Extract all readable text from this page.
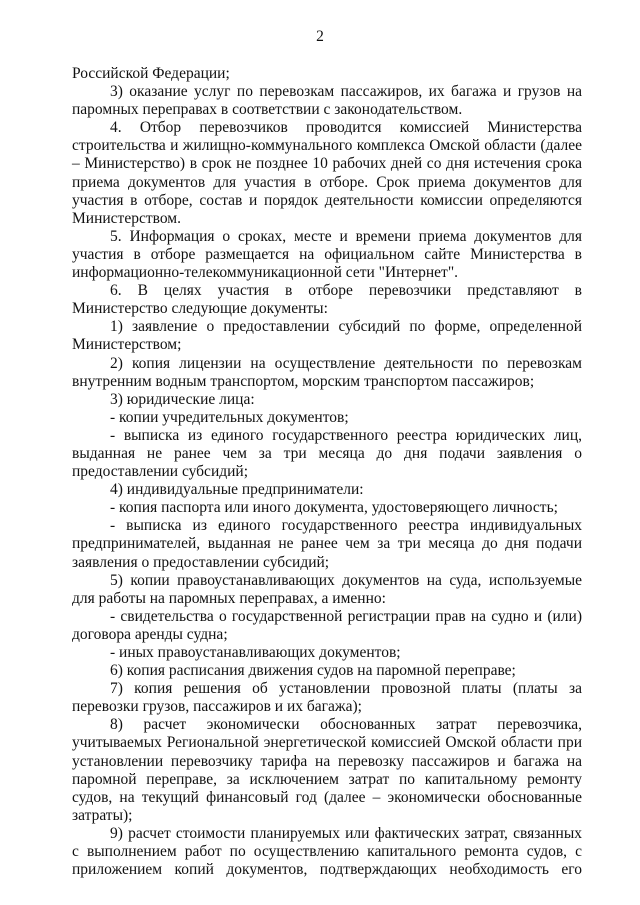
2

Российской Федерации;

3) оказание услуг по перевозкам пассажиров, их багажа и грузов на паромных переправах в соответствии с законодательством.

4. Отбор перевозчиков проводится комиссией Министерства строительства и жилищно-коммунального комплекса Омской области (далее – Министерство) в срок не позднее 10 рабочих дней со дня истечения срока приема документов для участия в отборе. Срок приема документов для участия в отборе, состав и порядок деятельности комиссии определяются Министерством.

5. Информация о сроках, месте и времени приема документов для участия в отборе размещается на официальном сайте Министерства в информационно-телекоммуникационной сети "Интернет".

6. В целях участия в отборе перевозчики представляют в Министерство следующие документы:

1) заявление о предоставлении субсидий по форме, определенной Министерством;

2) копия лицензии на осуществление деятельности по перевозкам внутренним водным транспортом, морским транспортом пассажиров;

3) юридические лица:

- копии учредительных документов;

- выписка из единого государственного реестра юридических лиц, выданная не ранее чем за три месяца до дня подачи заявления о предоставлении субсидий;

4) индивидуальные предприниматели:

- копия паспорта или иного документа, удостоверяющего личность;

- выписка из единого государственного реестра индивидуальных предпринимателей, выданная не ранее чем за три месяца до дня подачи заявления о предоставлении субсидий;

5) копии правоустанавливающих документов на суда, используемые для работы на паромных переправах, а именно:

- свидетельства о государственной регистрации прав на судно и (или) договора аренды судна;

- иных правоустанавливающих документов;

6) копия расписания движения судов на паромной переправе;

7) копия решения об установлении провозной платы (платы за перевозки грузов, пассажиров и их багажа);

8) расчет экономически обоснованных затрат перевозчика, учитываемых Региональной энергетической комиссией Омской области при установлении перевозчику тарифа на перевозку пассажиров и багажа на паромной переправе, за исключением затрат по капитальному ремонту судов, на текущий финансовый год (далее – экономически обоснованные затраты);

9) расчет стоимости планируемых или фактических затрат, связанных с выполнением работ по осуществлению капитального ремонта судов, с приложением копий документов, подтверждающих необходимость его
